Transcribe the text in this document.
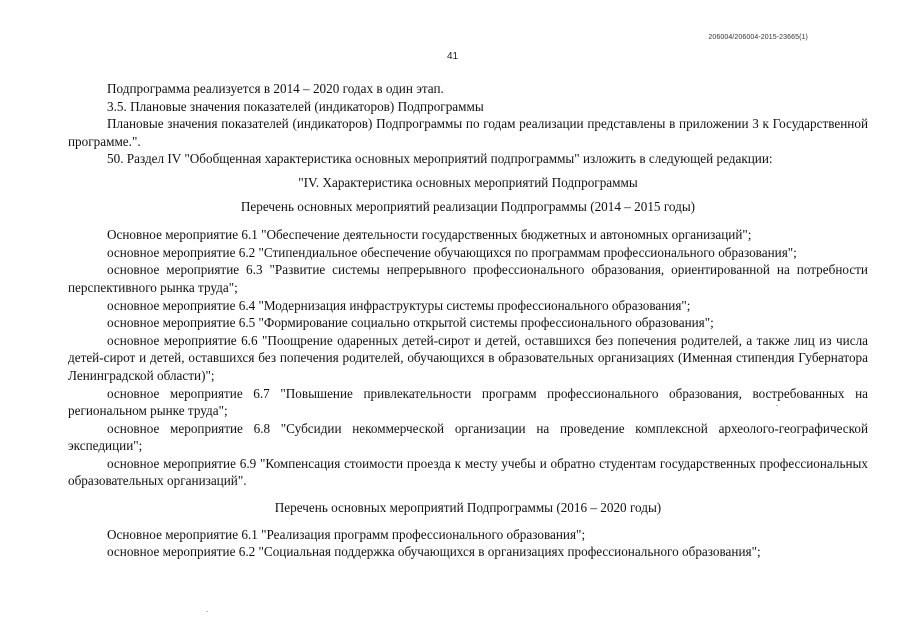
206004/206004-2015-23665(1)
41

Подпрограмма реализуется в 2014 – 2020 годах в один этап.

3.5. Плановые значения показателей (индикаторов) Подпрограммы

Плановые значения показателей (индикаторов) Подпрограммы по годам реализации представлены в приложении 3 к Государственной программе.".

50. Раздел IV "Обобщенная характеристика основных мероприятий подпрограммы" изложить в следующей редакции:

"IV. Характеристика основных мероприятий Подпрограммы

Перечень основных мероприятий реализации Подпрограммы (2014 – 2015 годы)

Основное мероприятие 6.1 "Обеспечение деятельности государственных бюджетных и автономных организаций";

основное мероприятие 6.2 "Стипендиальное обеспечение обучающихся по программам профессионального образования";

основное мероприятие 6.3 "Развитие системы непрерывного профессионального образования, ориентированной на потребности перспективного рынка труда";

основное мероприятие 6.4 "Модернизация инфраструктуры системы профессионального образования";

основное мероприятие 6.5 "Формирование социально открытой системы профессионального образования";

основное мероприятие 6.6 "Поощрение одаренных детей-сирот и детей, оставшихся без попечения родителей, а также лиц из числа детей-сирот и детей, оставшихся без попечения родителей, обучающихся в образовательных организациях (Именная стипендия Губернатора Ленинградской области)";

основное мероприятие 6.7 "Повышение привлекательности программ профессионального образования, востребованных на региональном рынке труда";

основное мероприятие 6.8 "Субсидии некоммерческой организации на проведение комплексной археолого-географической экспедиции";

основное мероприятие 6.9 "Компенсация стоимости проезда к месту учебы и обратно студентам государственных профессиональных образовательных организаций".

Перечень основных мероприятий Подпрограммы (2016 – 2020 годы)

Основное мероприятие 6.1 "Реализация программ профессионального образования";

основное мероприятие 6.2 "Социальная поддержка обучающихся в организациях профессионального образования";
